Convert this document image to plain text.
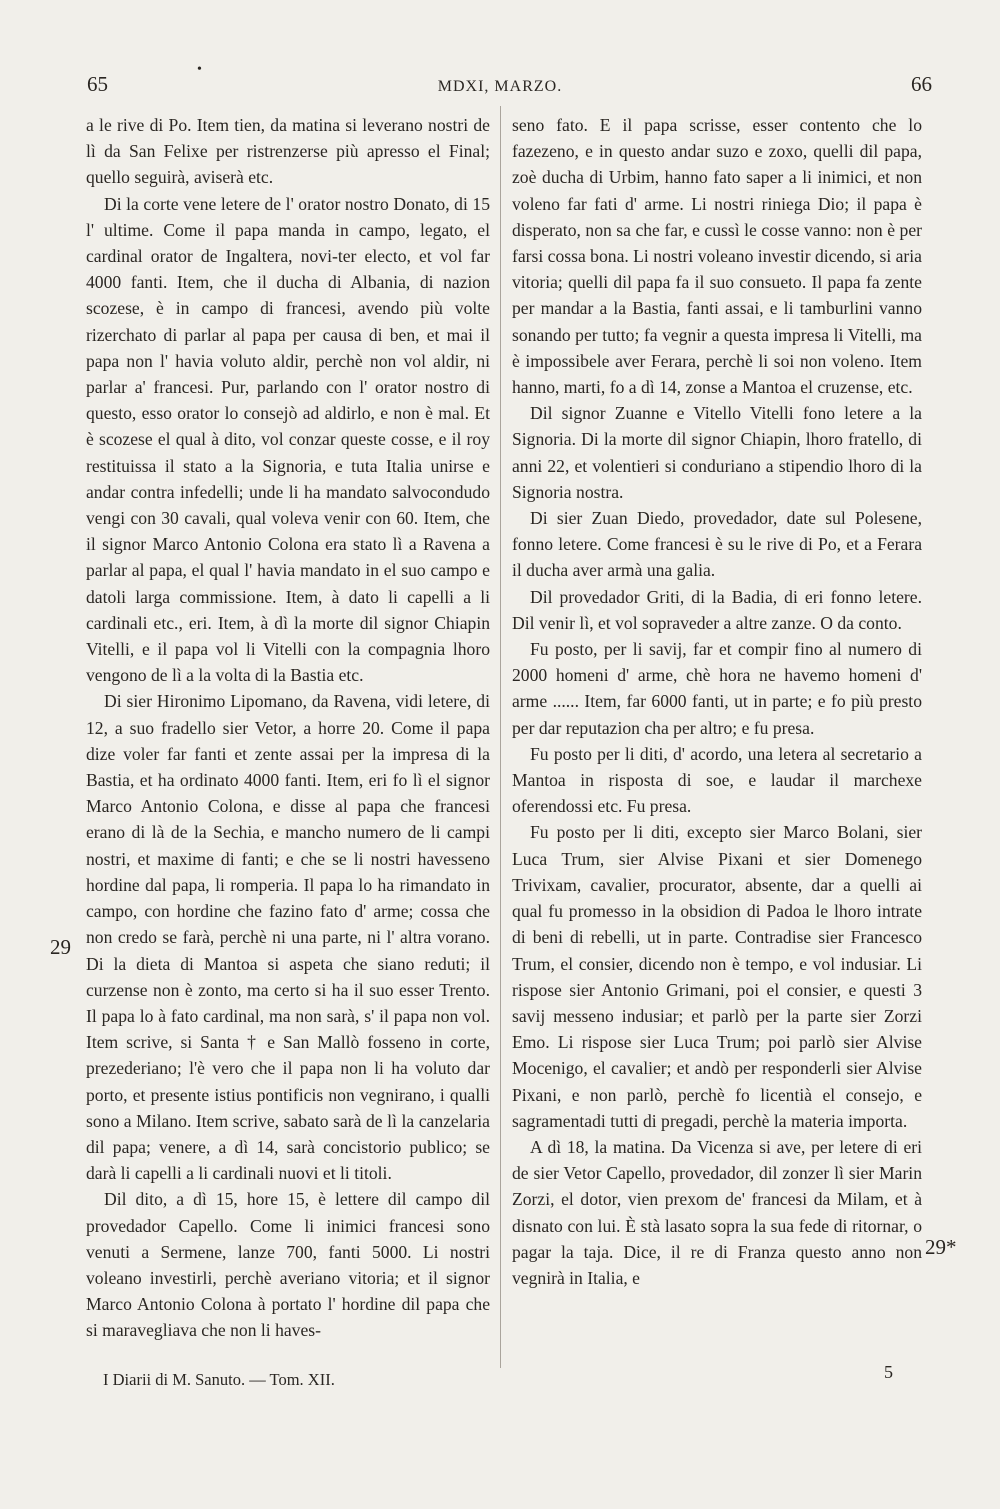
65
•
MDXI, MARZO.	66

a le rive di Po. Item tien, da matina si leverano nostri de lì da San Felixe per ristrenzerse più apresso el Final; quello seguirà, aviserà etc.

Di la corte vene letere de l' orator nostro Donato, di 15 l' ultime. Come il papa manda in campo, legato, el cardinal orator de Ingaltera, novi-ter electo, et vol far 4000 fanti. Item, che il ducha di Albania, di nazion scozese, è in campo di francesi, avendo più volte rizerchato di parlar al papa per causa di ben, et mai il papa non l' havia voluto aldir, perchè non vol aldir, ni parlar a' francesi. Pur, parlando con l' orator nostro di questo, esso orator lo consejò ad aldirlo, e non è mal. Et è scozese el qual à dito, vol conzar queste cosse, e il roy restituissa il stato a la Signoria, e tuta Italia unirse e andar contra infedelli; unde li ha mandato salvocondudo vengi con 30 cavali, qual voleva venir con 60. Item, che il signor Marco Antonio Colona era stato lì a Ravena a parlar al papa, el qual l' havia mandato in el suo campo e datoli larga commissione. Item, à dato li capelli a li cardinali etc., eri. Item, à dì la morte dil signor Chiapin Vitelli, e il papa vol li Vitelli con la compagnia lhoro vengono de lì a la volta di la Bastia etc.

Di sier Hironimo Lipomano, da Ravena, vidi letere, di 12, a suo fradello sier Vetor, a horre 20. Come il papa dize voler far fanti et zente assai per la impresa di la Bastia, et ha ordinato 4000 fanti. Item, eri fo lì el signor Marco Antonio Colona, e disse al papa che francesi erano di là de la Sechia, e mancho numero de li campi nostri, et maxime di fanti; e che se li nostri havesseno hordine dal papa, li romperia. Il papa lo ha rimandato in campo, con hordine che fazino fato d' arme; cossa che non credo se farà, perchè ni una parte, ni l' altra vorano. Di la dieta di Mantoa si aspeta che siano reduti; il curzense non è zonto, ma certo si ha il suo esser Trento. Il papa lo à fato cardinal, ma non sarà, s' il papa non vol. Item scrive, si Santa † e San Mallò fosseno in corte, prezederiano; l'è vero che il papa non li ha voluto dar porto, et presente istius pontificis non vegnirano, i qualli sono a Milano. Item scrive, sabato sarà de lì la canzelaria dil papa; venere, a dì 14, sarà concistorio publico; se darà li capelli a li cardinali nuovi et li titoli.

Dil dito, a dì 15, hore 15, è lettere dil campo dil provedador Capello. Come li inimici francesi sono venuti a Sermene, lanze 700, fanti 5000. Li nostri voleano investirli, perchè averiano vitoria; et il signor Marco Antonio Colona à portato l' hordine dil papa che si maravegliava che non li haves-

seno fato. E il papa scrisse, esser contento che lo fazezeno, e in questo andar suzo e zoxo, quelli dil papa, zoè ducha di Urbim, hanno fato saper a li inimici, et non voleno far fati d' arme. Li nostri riniega Dio; il papa è disperato, non sa che far, e cussì le cosse vanno: non è per farsi cossa bona. Li nostri voleano investir dicendo, si aria vitoria; quelli dil papa fa il suo consueto. Il papa fa zente per mandar a la Bastia, fanti assai, e li tamburlini vanno sonando per tutto; fa vegnir a questa impresa li Vitelli, ma è impossibele aver Ferara, perchè li soi non voleno. Item hanno, marti, fo a dì 14, zonse a Mantoa el cruzense, etc.

Dil signor Zuanne e Vitello Vitelli fono letere a la Signoria. Di la morte dil signor Chiapin, lhoro fratello, di anni 22, et volentieri si conduriano a stipendio lhoro di la Signoria nostra.

Di sier Zuan Diedo, provedador, date sul Polesene, fonno letere. Come francesi è su le rive di Po, et a Ferara il ducha aver armà una galia.

Dil provedador Griti, di la Badia, di eri fonno letere. Dil venir lì, et vol sopraveder a altre zanze. O da conto.

Fu posto, per li savij, far et compir fino al numero di 2000 homeni d' arme, chè hora ne havemo homeni d' arme ...... Item, far 6000 fanti, ut in parte; e fo più presto per dar reputazion cha per altro; e fu presa.

Fu posto per li diti, d' acordo, una letera al secretario a Mantoa in risposta di soe, e laudar il marchexe oferendossi etc. Fu presa.

Fu posto per li diti, excepto sier Marco Bolani, sier Luca Trum, sier Alvise Pixani et sier Domenego Trivixam, cavalier, procurator, absente, dar a quelli ai qual fu promesso in la obsidion di Padoa le lhoro intrate di beni di rebelli, ut in parte. Contradise sier Francesco Trum, el consier, dicendo non è tempo, e vol indusiar. Li rispose sier Antonio Grimani, poi el consier, e questi 3 savij messeno indusiar; et parlò per la parte sier Zorzi Emo. Li rispose sier Luca Trum; poi parlò sier Alvise Mocenigo, el cavalier; et andò per responderli sier Alvise Pixani, e non parlò, perchè fo licentià el consejo, e sagramentadi tutti di pregadi, perchè la materia importa.

A dì 18, la matina. Da Vicenza si ave, per letere di eri de sier Vetor Capello, provedador, dil zonzer lì sier Marin Zorzi, el dotor, vien prexom de' francesi da Milam, et à disnato con lui. È stà lasato sopra la sua fede di ritornar, o pagar la taja. Dice, il re di Franza questo anno non vegnirà in Italia, e

29
29*
I Diarii di M. Sanuto. — Tom. XII.	5
